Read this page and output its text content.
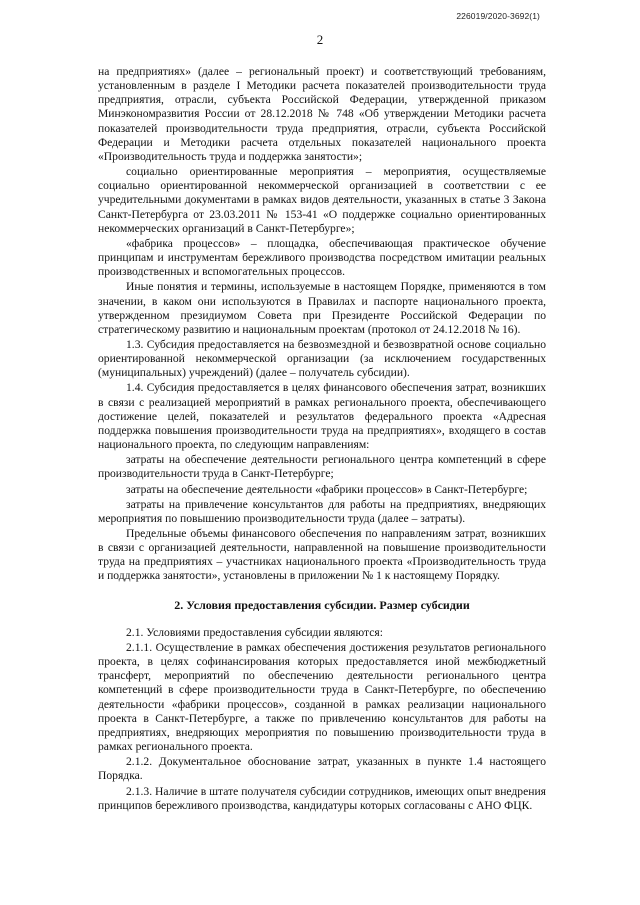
226019/2020-3692(1)
2

на предприятиях» (далее – региональный проект) и соответствующий требованиям, установленным в разделе I Методики расчета показателей производительности труда предприятия, отрасли, субъекта Российской Федерации, утвержденной приказом Минэкономразвития России от 28.12.2018 № 748 «Об утверждении Методики расчета показателей производительности труда предприятия, отрасли, субъекта Российской Федерации и Методики расчета отдельных показателей национального проекта «Производительность труда и поддержка занятости»;

социально ориентированные мероприятия – мероприятия, осуществляемые социально ориентированной некоммерческой организацией в соответствии с ее учредительными документами в рамках видов деятельности, указанных в статье 3 Закона Санкт-Петербурга от 23.03.2011 № 153-41 «О поддержке социально ориентированных некоммерческих организаций в Санкт-Петербурге»;

«фабрика процессов» – площадка, обеспечивающая практическое обучение принципам и инструментам бережливого производства посредством имитации реальных производственных и вспомогательных процессов.

Иные понятия и термины, используемые в настоящем Порядке, применяются в том значении, в каком они используются в Правилах и паспорте национального проекта, утвержденном президиумом Совета при Президенте Российской Федерации по стратегическому развитию и национальным проектам (протокол от 24.12.2018 № 16).

1.3. Субсидия предоставляется на безвозмездной и безвозвратной основе социально ориентированной некоммерческой организации (за исключением государственных (муниципальных) учреждений) (далее – получатель субсидии).

1.4. Субсидия предоставляется в целях финансового обеспечения затрат, возникших в связи с реализацией мероприятий в рамках регионального проекта, обеспечивающего достижение целей, показателей и результатов федерального проекта «Адресная поддержка повышения производительности труда на предприятиях», входящего в состав национального проекта, по следующим направлениям:

затраты на обеспечение деятельности регионального центра компетенций в сфере производительности труда в Санкт-Петербурге;

затраты на обеспечение деятельности «фабрики процессов» в Санкт-Петербурге;

затраты на привлечение консультантов для работы на предприятиях, внедряющих мероприятия по повышению производительности труда (далее – затраты).

Предельные объемы финансового обеспечения по направлениям затрат, возникших в связи с организацией деятельности, направленной на повышение производительности труда на предприятиях – участниках национального проекта «Производительность труда и поддержка занятости», установлены в приложении № 1 к настоящему Порядку.

2. Условия предоставления субсидии. Размер субсидии

2.1. Условиями предоставления субсидии являются:

2.1.1. Осуществление в рамках обеспечения достижения результатов регионального проекта, в целях софинансирования которых предоставляется иной межбюджетный трансферт, мероприятий по обеспечению деятельности регионального центра компетенций в сфере производительности труда в Санкт-Петербурге, по обеспечению деятельности «фабрики процессов», созданной в рамках реализации национального проекта в Санкт-Петербурге, а также по привлечению консультантов для работы на предприятиях, внедряющих мероприятия по повышению производительности труда в рамках регионального проекта.

2.1.2. Документальное обоснование затрат, указанных в пункте 1.4 настоящего Порядка.

2.1.3. Наличие в штате получателя субсидии сотрудников, имеющих опыт внедрения принципов бережливого производства, кандидатуры которых согласованы с АНО ФЦК.
